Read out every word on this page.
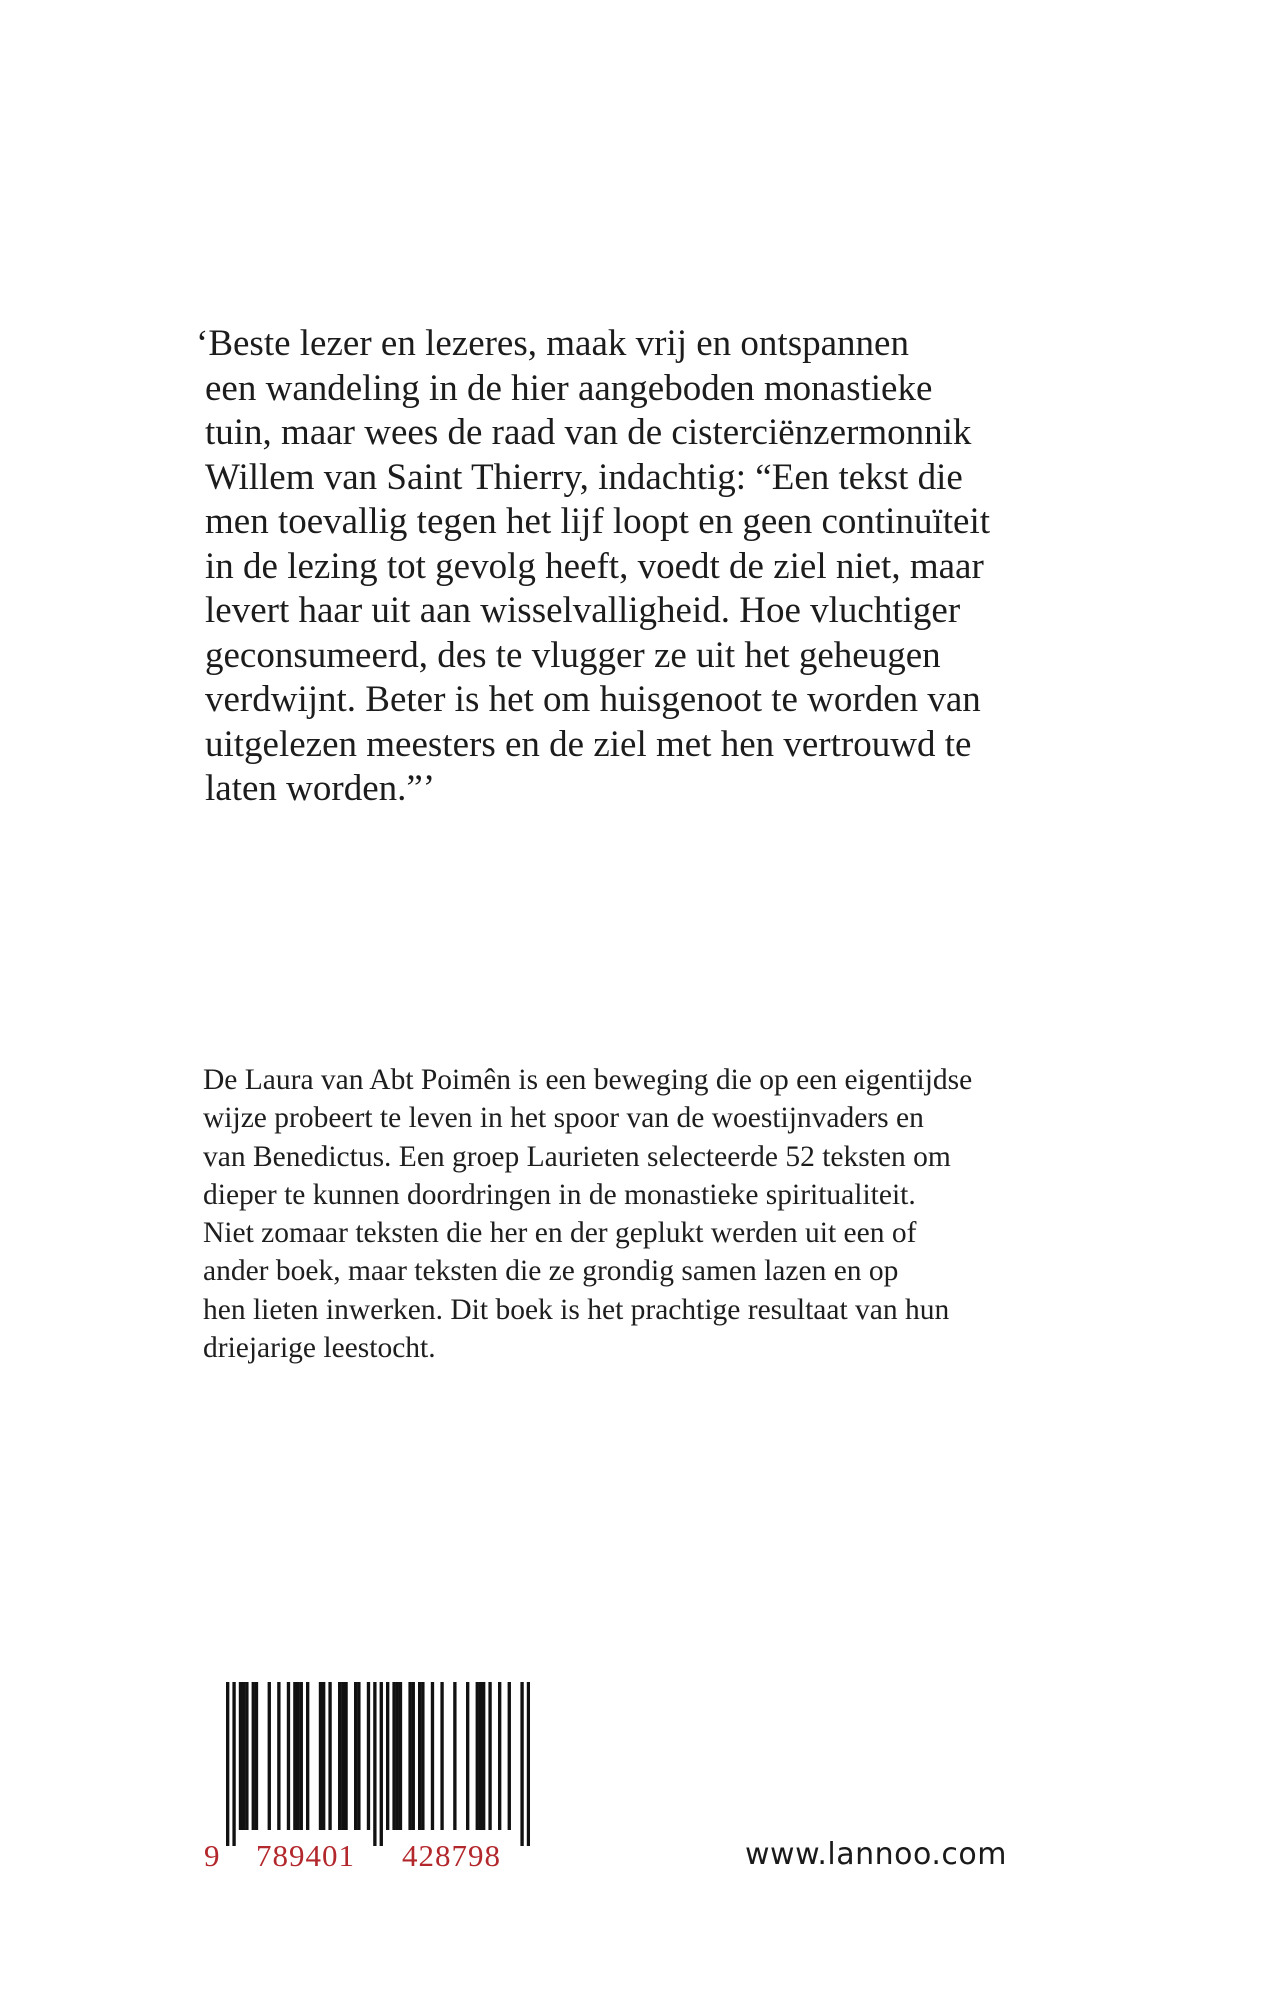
‘Beste lezer en lezeres, maak vrij en ontspannen
een wandeling in de hier aangeboden monastieke
tuin, maar wees de raad van de cisterciënzermonnik
Willem van Saint Thierry, indachtig: “Een tekst die
men toevallig tegen het lijf loopt en geen continuïteit
in de lezing tot gevolg heeft, voedt de ziel niet, maar
levert haar uit aan wisselvalligheid. Hoe vluchtiger
geconsumeerd, des te vlugger ze uit het geheugen
verdwijnt. Beter is het om huisgenoot te worden van
uitgelezen meesters en de ziel met hen vertrouwd te
laten worden.”’
De Laura van Abt Poimên is een beweging die op een eigentijdse
wijze probeert te leven in het spoor van de woestijnvaders en
van Benedictus. Een groep Laurieten selecteerde 52 teksten om
dieper te kunnen doordringen in de monastieke spiritualiteit.
Niet zomaar teksten die her en der geplukt werden uit een of
ander boek, maar teksten die ze grondig samen lazen en op
hen lieten inwerken. Dit boek is het prachtige resultaat van hun
driejarige leestocht.
9 789401 428798	www.lannoo.com
